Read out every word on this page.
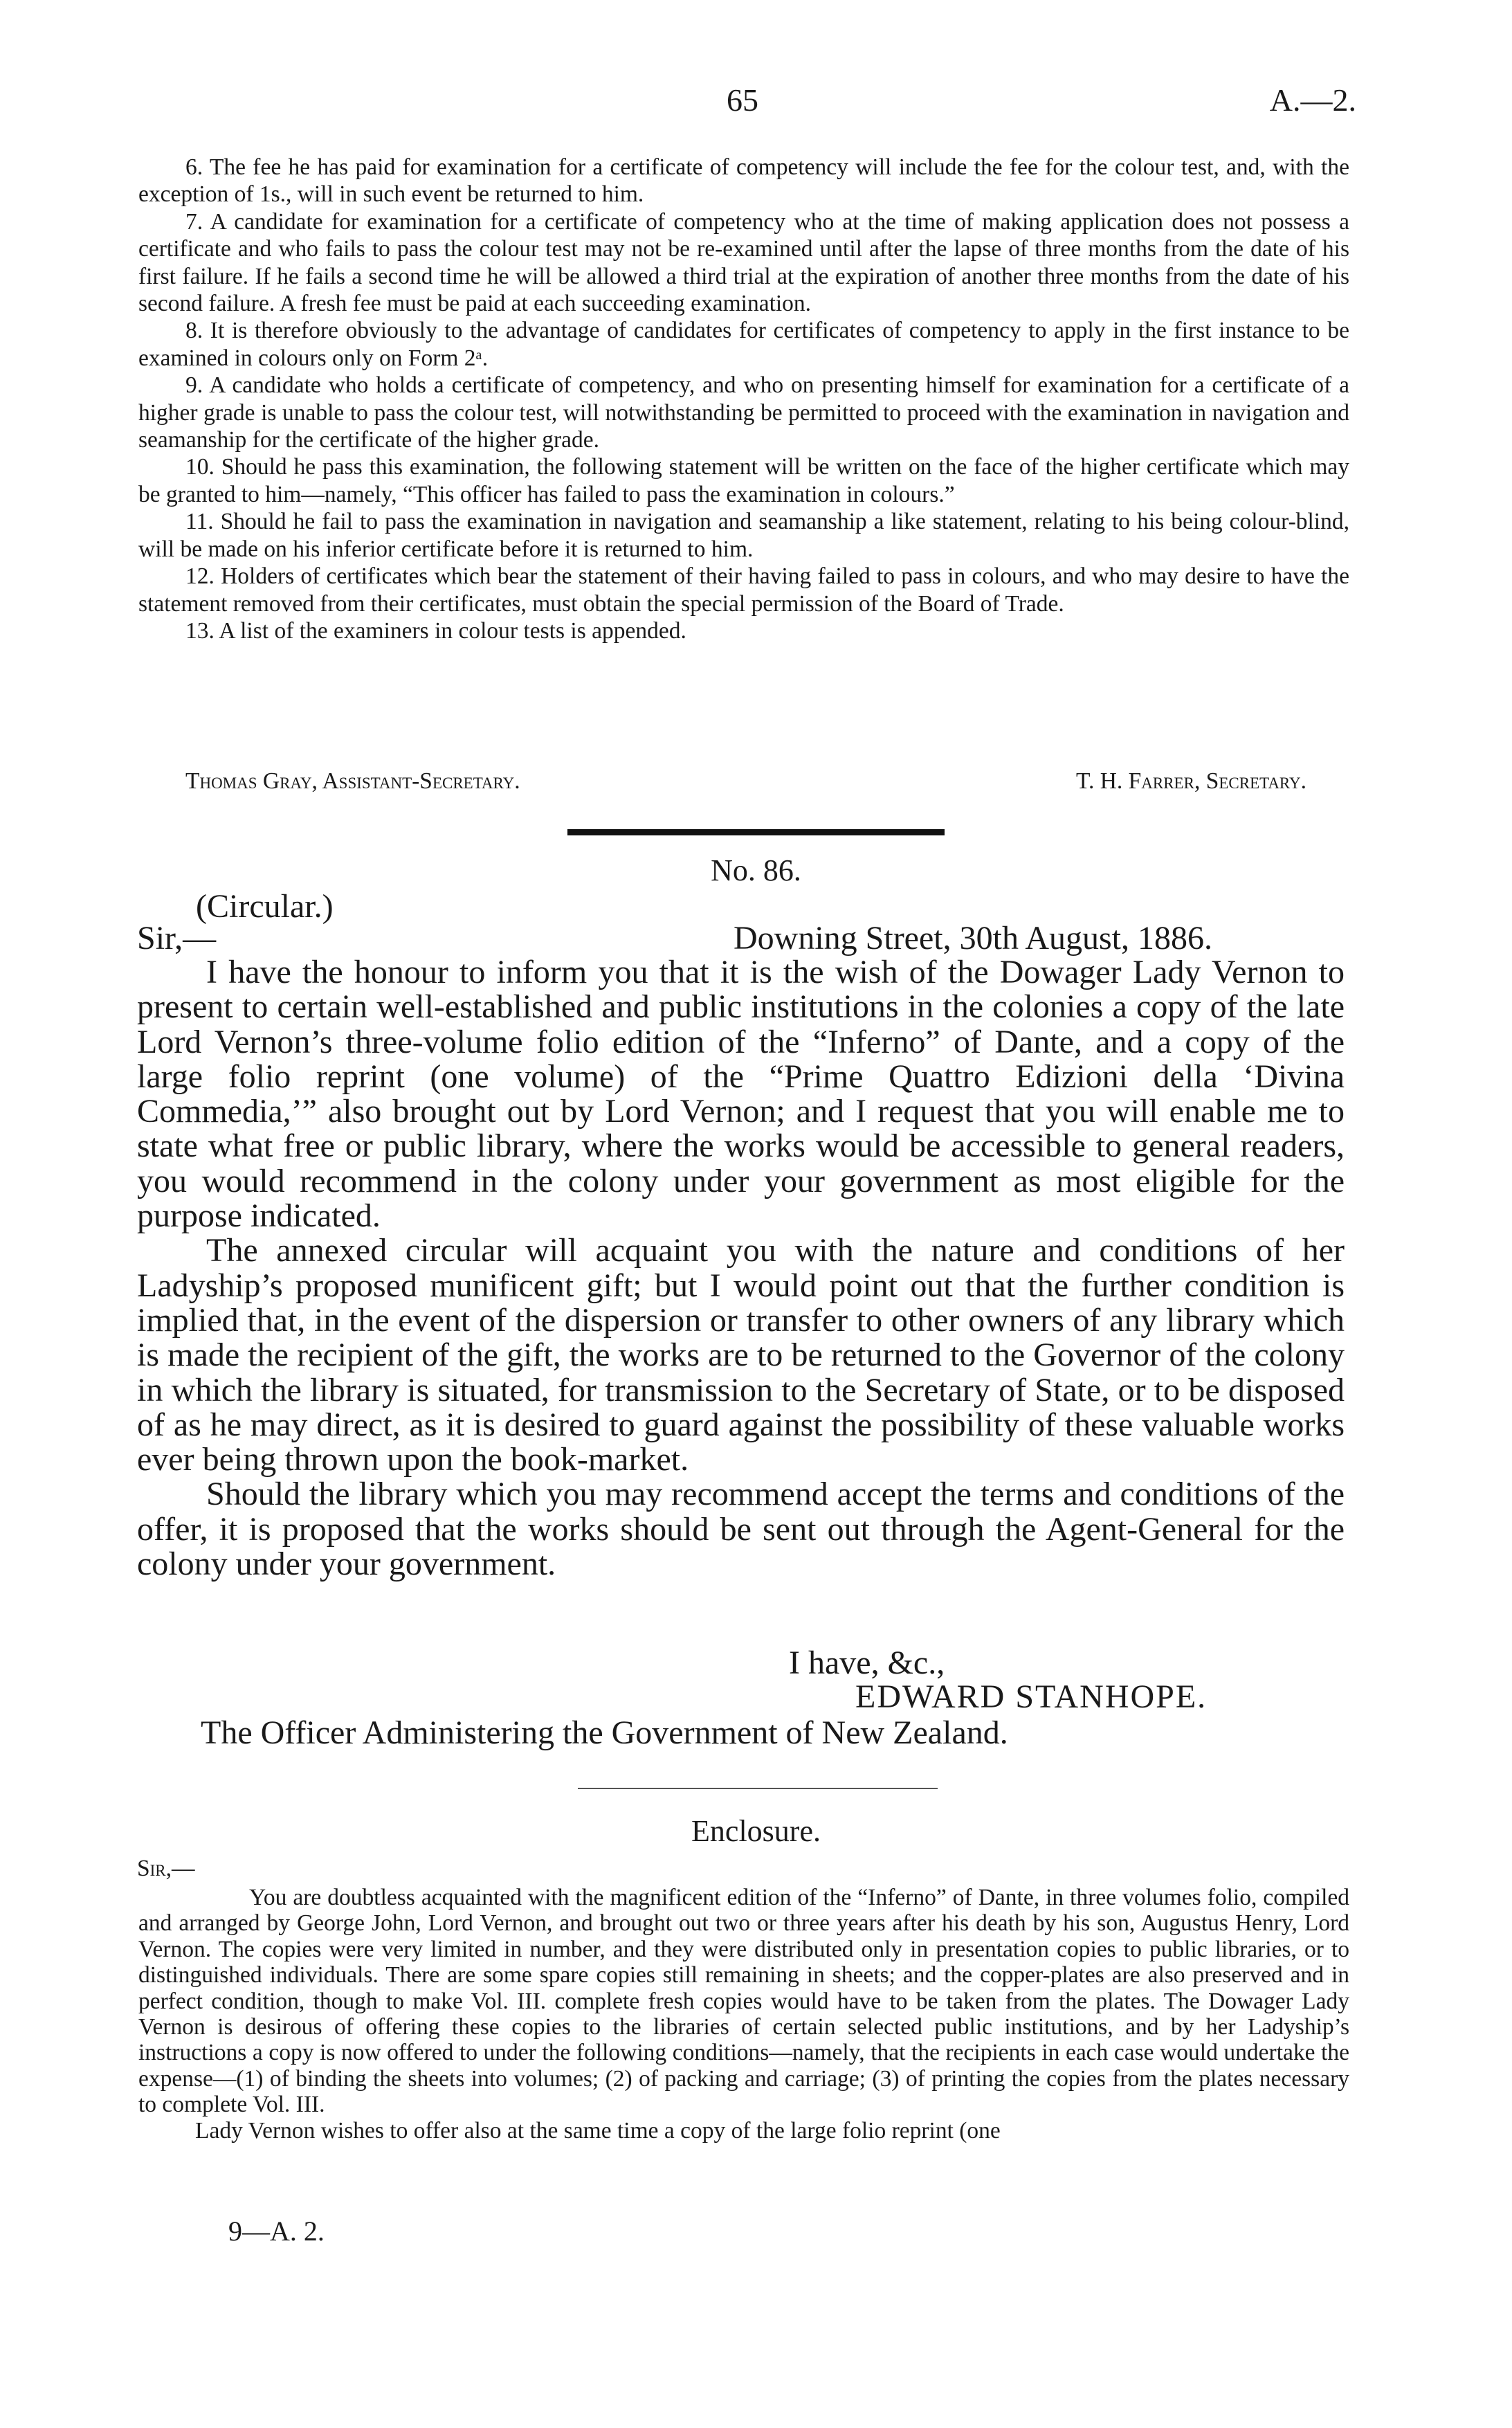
65	A.—2.

6. The fee he has paid for examination for a certificate of competency will include the fee for the colour test, and, with the exception of 1s., will in such event be returned to him.

7. A candidate for examination for a certificate of competency who at the time of making application does not possess a certificate and who fails to pass the colour test may not be re-examined until after the lapse of three months from the date of his first failure. If he fails a second time he will be allowed a third trial at the expiration of another three months from the date of his second failure. A fresh fee must be paid at each succeeding examination.

8. It is therefore obviously to the advantage of candidates for certificates of competency to apply in the first instance to be examined in colours only on Form 2ᵃ.

9. A candidate who holds a certificate of competency, and who on presenting himself for examination for a certificate of a higher grade is unable to pass the colour test, will notwithstanding be permitted to proceed with the examination in navigation and seamanship for the certificate of the higher grade.

10. Should he pass this examination, the following statement will be written on the face of the higher certificate which may be granted to him—namely, “This officer has failed to pass the examination in colours.”

11. Should he fail to pass the examination in navigation and seamanship a like statement, relating to his being colour-blind, will be made on his inferior certificate before it is returned to him.

12. Holders of certificates which bear the statement of their having failed to pass in colours, and who may desire to have the statement removed from their certificates, must obtain the special permission of the Board of Trade.

13. A list of the examiners in colour tests is appended.

Thomas Gray, Assistant-Secretary.	T. H. Farrer, Secretary.
No. 86.
(Circular.)
Sir,—	Downing Street, 30th August, 1886.

I have the honour to inform you that it is the wish of the Dowager Lady Vernon to present to certain well-established and public institutions in the colonies a copy of the late Lord Vernon’s three-volume folio edition of the “Inferno” of Dante, and a copy of the large folio reprint (one volume) of the “Prime Quattro Edizioni della ‘Divina Commedia,’” also brought out by Lord Vernon; and I request that you will enable me to state what free or public library, where the works would be accessible to general readers, you would recommend in the colony under your government as most eligible for the purpose indicated.

The annexed circular will acquaint you with the nature and conditions of her Ladyship’s proposed munificent gift; but I would point out that the further condition is implied that, in the event of the dispersion or transfer to other owners of any library which is made the recipient of the gift, the works are to be returned to the Governor of the colony in which the library is situated, for transmission to the Secretary of State, or to be disposed of as he may direct, as it is desired to guard against the possibility of these valuable works ever being thrown upon the book-market.

Should the library which you may recommend accept the terms and conditions of the offer, it is proposed that the works should be sent out through the Agent-General for the colony under your government.

I have, &c.,
EDWARD STANHOPE.
The Officer Administering the Government of New Zealand.
Enclosure.
Sir,—

You are doubtless acquainted with the magnificent edition of the “Inferno” of Dante, in three volumes folio, compiled and arranged by George John, Lord Vernon, and brought out two or three years after his death by his son, Augustus Henry, Lord Vernon. The copies were very limited in number, and they were distributed only in presentation copies to public libraries, or to distinguished individuals. There are some spare copies still remaining in sheets; and the copper-plates are also preserved and in perfect condition, though to make Vol. III. complete fresh copies would have to be taken from the plates. The Dowager Lady Vernon is desirous of offering these copies to the libraries of certain selected public institutions, and by her Ladyship’s instructions a copy is now offered to under the following conditions—namely, that the recipients in each case would undertake the expense—(1) of binding the sheets into volumes; (2) of packing and carriage; (3) of printing the copies from the plates necessary to complete Vol. III.

Lady Vernon wishes to offer also at the same time a copy of the large folio reprint (one

9—A. 2.
